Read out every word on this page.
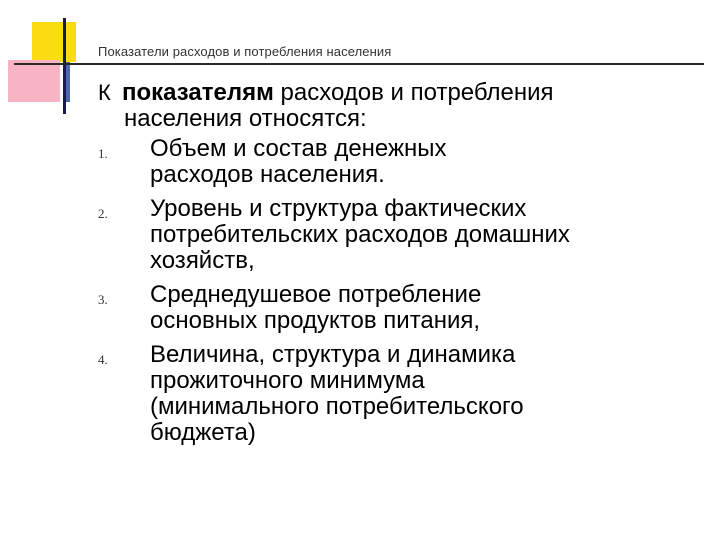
Показатели расходов и потребления населения
К показателям расходов и потребления
населения относятся:
1.	Объем и состав денежных
расходов населения.
2.	Уровень и структура фактических
потребительских расходов домашних
хозяйств,
3.	Среднедушевое потребление
основных продуктов питания,
4.	Величина, структура и динамика
прожиточного минимума
(минимального потребительского
бюджета)
